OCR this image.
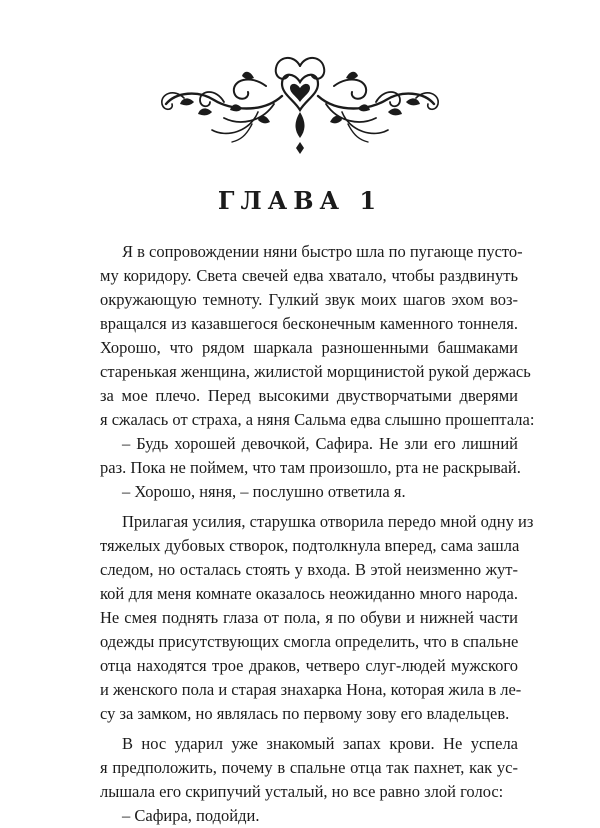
ГЛАВА 1
Я в сопровождении няни быстро шла по пугающе пусто-
му коридору. Света свечей едва хватало, чтобы раздвинуть
окружающую темноту. Гулкий звук моих шагов эхом воз-
вращался из казавшегося бесконечным каменного тоннеля.
Хорошо, что рядом шаркала разношенными башмаками
старенькая женщина, жилистой морщинистой рукой держась
за мое плечо. Перед высокими двустворчатыми дверями
я сжалась от страха, а няня Сальма едва слышно прошептала:
– Будь хорошей девочкой, Сафира. Не зли его лишний
раз. Пока не поймем, что там произошло, рта не раскрывай.
– Хорошо, няня, – послушно ответила я.
Прилагая усилия, старушка отворила передо мной одну из
тяжелых дубовых створок, подтолкнула вперед, сама зашла
следом, но осталась стоять у входа. В этой неизменно жут-
кой для меня комнате оказалось неожиданно много народа.
Не смея поднять глаза от пола, я по обуви и нижней части
одежды присутствующих смогла определить, что в спальне
отца находятся трое драков, четверо слуг-людей мужского
и женского пола и старая знахарка Нона, которая жила в ле-
су за замком, но являлась по первому зову его владельцев.
В нос ударил уже знакомый запах крови. Не успела
я предположить, почему в спальне отца так пахнет, как ус-
лышала его скрипучий усталый, но все равно злой голос:
– Сафира, подойди.
